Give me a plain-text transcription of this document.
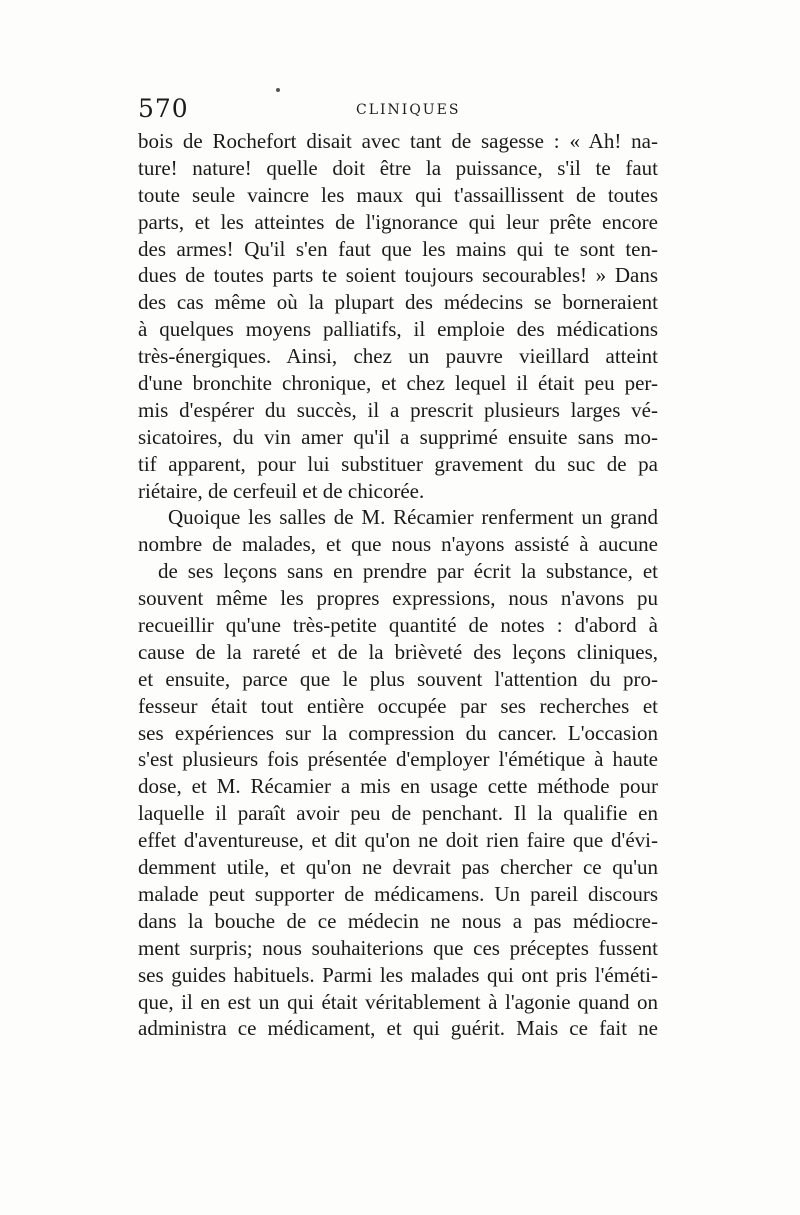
570	CLINIQUES
bois de Rochefort disait avec tant de sagesse : « Ah! na-
ture! nature! quelle doit être la puissance, s'il te faut
toute seule vaincre les maux qui t'assaillissent de toutes
parts, et les atteintes de l'ignorance qui leur prête encore
des armes! Qu'il s'en faut que les mains qui te sont ten-
dues de toutes parts te soient toujours secourables! » Dans
des cas même où la plupart des médecins se borneraient
à quelques moyens palliatifs, il emploie des médications
très-énergiques. Ainsi, chez un pauvre vieillard atteint
d'une bronchite chronique, et chez lequel il était peu per-
mis d'espérer du succès, il a prescrit plusieurs larges vé-
sicatoires, du vin amer qu'il a supprimé ensuite sans mo-
tif apparent, pour lui substituer gravement du suc de pa
riétaire, de cerfeuil et de chicorée.
Quoique les salles de M. Récamier renferment un grand
nombre de malades, et que nous n'ayons assisté à aucune
de ses leçons sans en prendre par écrit la substance, et
souvent même les propres expressions, nous n'avons pu
recueillir qu'une très-petite quantité de notes : d'abord à
cause de la rareté et de la brièveté des leçons cliniques,
et ensuite, parce que le plus souvent l'attention du pro-
fesseur était tout entière occupée par ses recherches et
ses expériences sur la compression du cancer. L'occasion
s'est plusieurs fois présentée d'employer l'émétique à haute
dose, et M. Récamier a mis en usage cette méthode pour
laquelle il paraît avoir peu de penchant. Il la qualifie en
effet d'aventureuse, et dit qu'on ne doit rien faire que d'évi-
demment utile, et qu'on ne devrait pas chercher ce qu'un
malade peut supporter de médicamens. Un pareil discours
dans la bouche de ce médecin ne nous a pas médiocre-
ment surpris; nous souhaiterions que ces préceptes fussent
ses guides habituels. Parmi les malades qui ont pris l'éméti-
que, il en est un qui était véritablement à l'agonie quand on
administra ce médicament, et qui guérit. Mais ce fait ne
